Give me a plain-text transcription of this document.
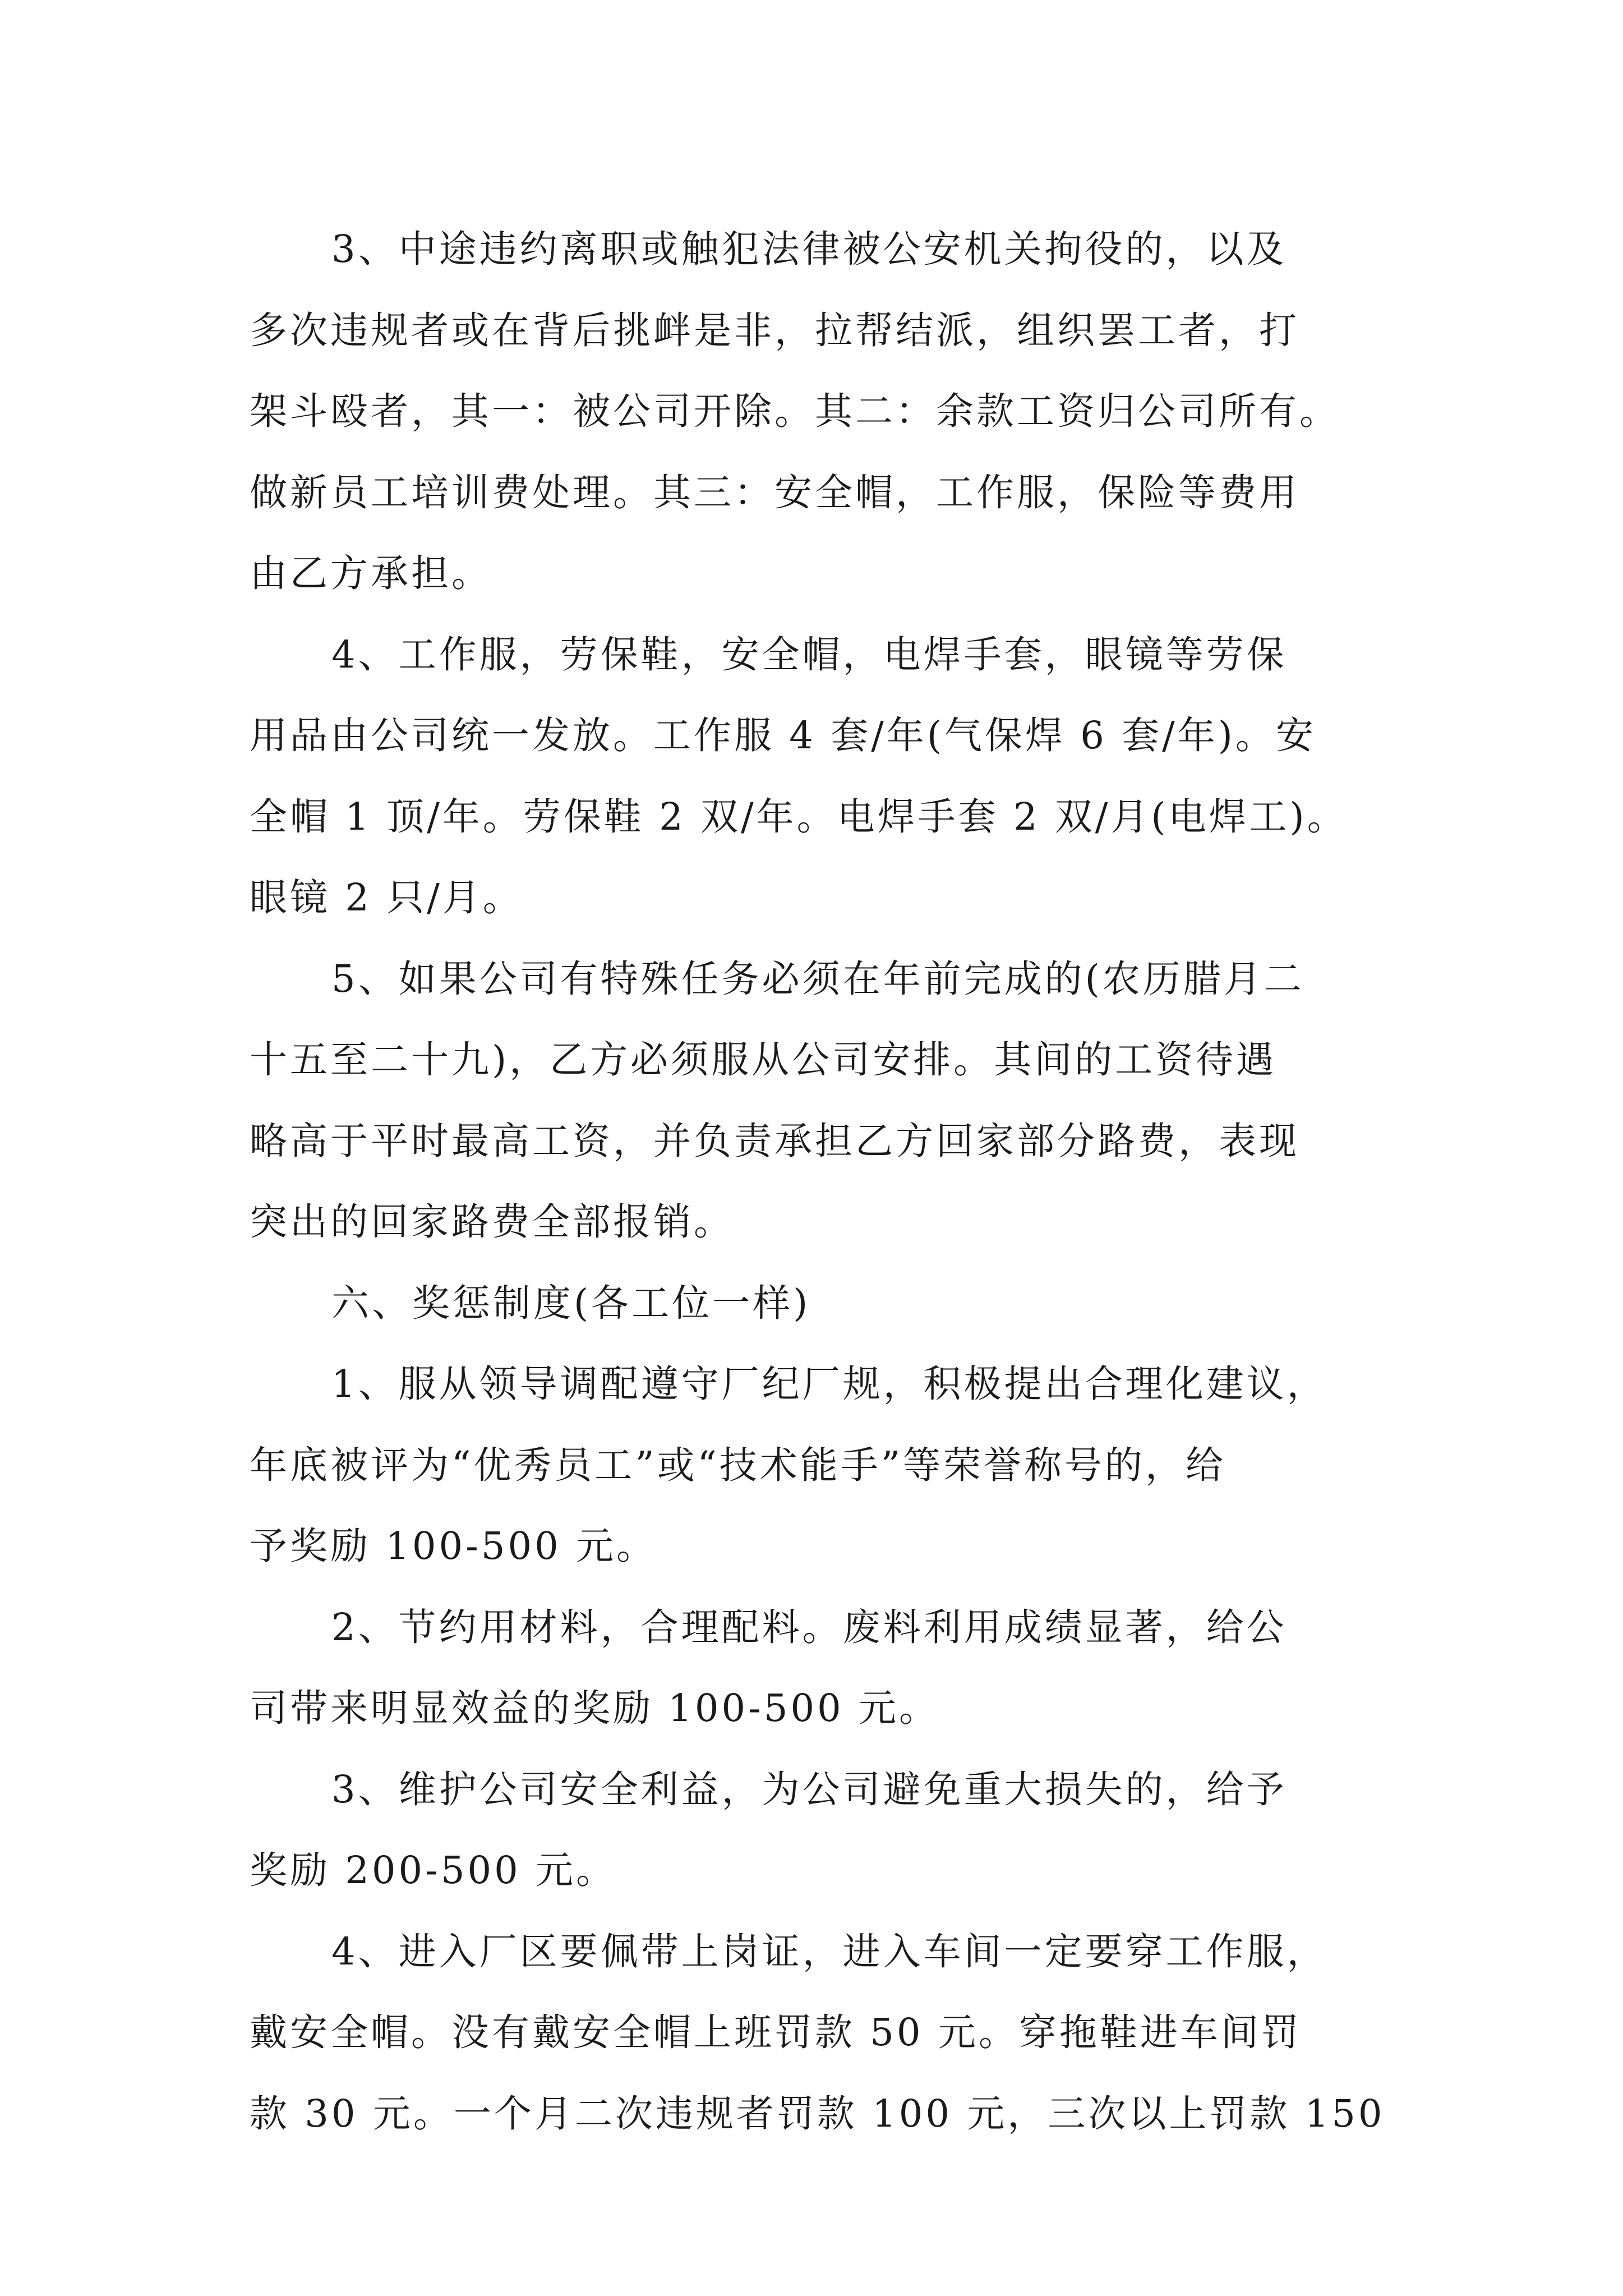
3、中途违约离职或触犯法律被公安机关拘役的，以及
多次违规者或在背后挑衅是非，拉帮结派，组织罢工者，打
架斗殴者，其一：被公司开除。其二：余款工资归公司所有。
做新员工培训费处理。其三：安全帽，工作服，保险等费用
由乙方承担。

4、工作服，劳保鞋，安全帽，电焊手套，眼镜等劳保
用品由公司统一发放。工作服 4 套/年(气保焊 6 套/年)。安
全帽 1 顶/年。劳保鞋 2 双/年。电焊手套 2 双/月(电焊工)。
眼镜 2 只/月。

5、如果公司有特殊任务必须在年前完成的(农历腊月二
十五至二十九)，乙方必须服从公司安排。其间的工资待遇
略高于平时最高工资，并负责承担乙方回家部分路费，表现
突出的回家路费全部报销。

六、奖惩制度(各工位一样)

1、服从领导调配遵守厂纪厂规，积极提出合理化建议，
年底被评为“优秀员工”或“技术能手”等荣誉称号的，给
予奖励 100-500 元。

2、节约用材料，合理配料。废料利用成绩显著，给公
司带来明显效益的奖励 100-500 元。

3、维护公司安全利益，为公司避免重大损失的，给予
奖励 200-500 元。

4、进入厂区要佩带上岗证，进入车间一定要穿工作服，
戴安全帽。没有戴安全帽上班罚款 50 元。穿拖鞋进车间罚
款 30 元。一个月二次违规者罚款 100 元，三次以上罚款 150
